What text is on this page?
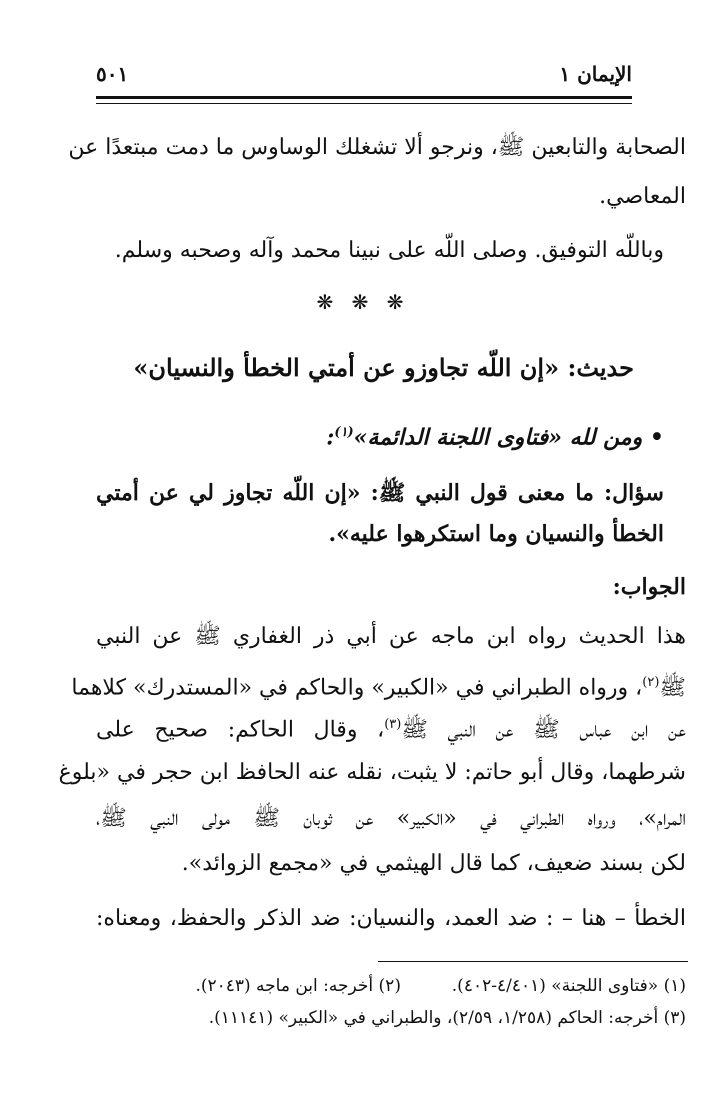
الإيمان ١
٥٠١
الصحابة والتابعين ﷺ، ونرجو ألا تشغلك الوساوس ما دمت مبتعدًا عن
المعاصي.
وباللّه التوفيق. وصلى اللّه على نبينا محمد وآله وصحبه وسلم.
❋ ❋ ❋
حديث: «إن اللّه تجاوزو عن أمتي الخطأ والنسيان»
• ومن لله «فتاوى اللجنة الدائمة»$^{(١)}$:
سؤال: ما معنى قول النبي ﷺ: «إن اللّه تجاوز لي عن أمتي
الخطأ والنسيان وما استكرهوا عليه».
الجواب:
هذا الحديث رواه ابن ماجه عن أبي ذر الغفاري ﷺ عن النبي
ﷺ$^{(٢)}$، ورواه الطبراني في «الكبير» والحاكم في «المستدرك» كلاهما
عن ابن عباس ﷺ عن النبي ﷺ$^{(٣)}$، وقال الحاكم: صحيح على
شرطهما، وقال أبو حاتم: لا يثبت، نقله عنه الحافظ ابن حجر في «بلوغ
المرام»، ورواه الطبراني في «الكبير» عن ثوبان ﷺ مولى النبي ﷺ،
لكن بسند ضعيف، كما قال الهيثمي في «مجمع الزوائد».
الخطأ – هنا – : ضد العمد، والنسيان: ضد الذكر والحفظ، ومعناه:
(١) «فتاوى اللجنة» (٤/٤٠١-٤٠٢).  (٢) أخرجه: ابن ماجه (٢٠٤٣).
(٣) أخرجه: الحاكم (١/٢٥٨، ٢/٥٩)، والطبراني في «الكبير» (١١١٤١).
